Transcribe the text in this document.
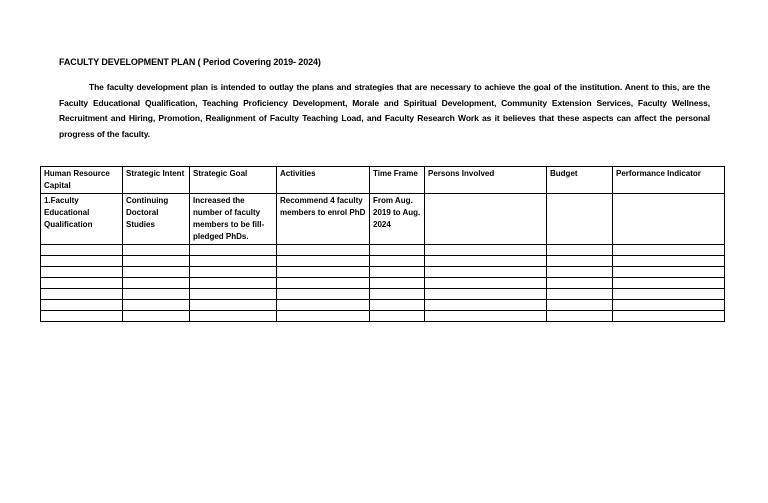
FACULTY DEVELOPMENT PLAN ( Period Covering 2019- 2024)
The faculty development plan is intended to outlay the plans and strategies that are necessary to achieve the goal of the institution. Anent to this, are the Faculty Educational Qualification, Teaching Proficiency Development, Morale and Spiritual Development, Community Extension Services, Faculty Wellness, Recruitment and Hiring, Promotion, Realignment of Faculty Teaching Load, and Faculty Research Work as it believes that these aspects can affect the personal progress of the faculty.
Human Resource Capital	Strategic Intent	Strategic Goal	Activities	Time Frame	Persons Involved	Budget	Performance Indicator
1.Faculty Educational Qualification	Continuing Doctoral Studies	Increased the number of faculty members to be fill-pledged PhDs.	Recommend 4 faculty members to enrol PhD	From Aug. 2019 to Aug. 2024			
